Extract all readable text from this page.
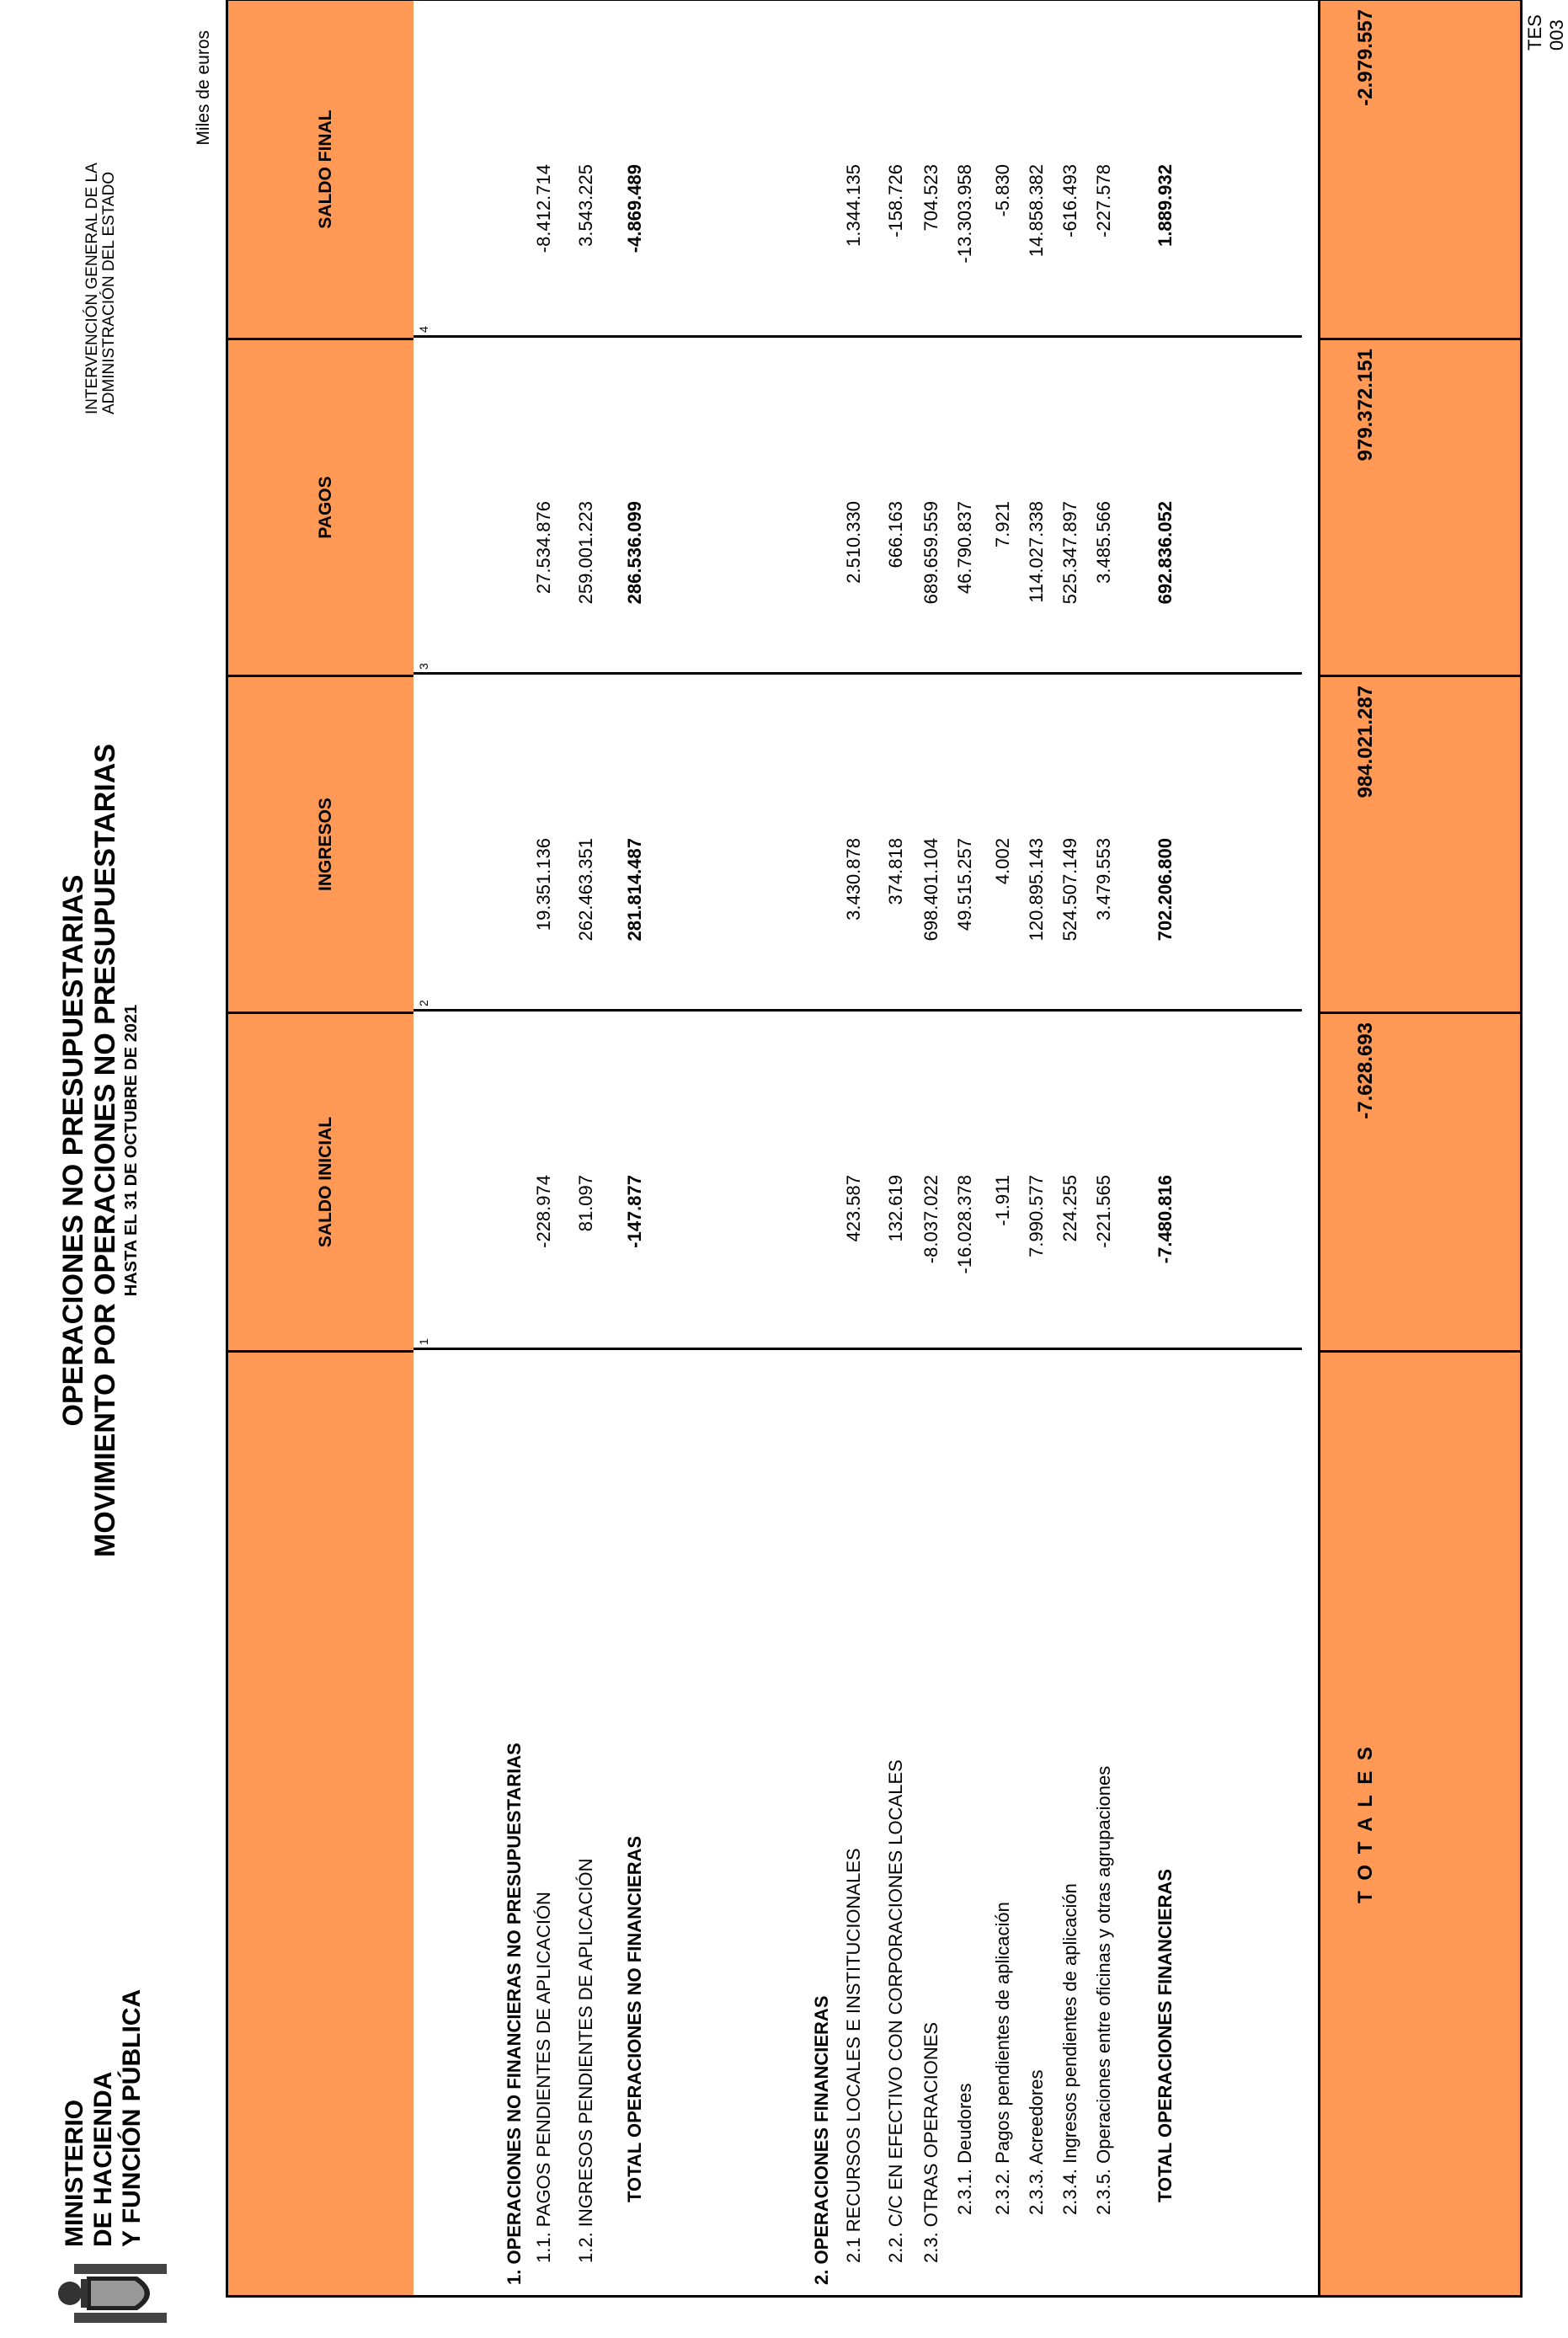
MINISTERIO DE HACIENDA Y FUNCIÓN PÚBLICA
OPERACIONES NO PRESUPUESTARIAS MOVIMIENTO POR OPERACIONES NO PRESUPUESTARIAS HASTA EL 31 DE OCTUBRE DE 2021
INTERVENCIÓN GENERAL DE LA ADMINISTRACIÓN DEL ESTADO
Miles de euros
SALDO INICIAL
INGRESOS
PAGOS
SALDO FINAL
1
2
3
4
1. OPERACIONES NO FINANCIERAS NO PRESUPUESTARIAS 1.1. PAGOS PENDIENTES DE APLICACIÓN
-228.974
19.351.136
27.534.876
-8.412.714
1.2. INGRESOS PENDIENTES DE APLICACIÓN
81.097
262.463.351
259.001.223
3.543.225
TOTAL OPERACIONES NO FINANCIERAS
-147.877
281.814.487
286.536.099
-4.869.489
2. OPERACIONES FINANCIERAS 2.1 RECURSOS LOCALES E INSTITUCIONALES
423.587
3.430.878
2.510.330
1.344.135
2.2. C/C EN EFECTIVO CON CORPORACIONES LOCALES
132.619
374.818
666.163
-158.726
2.3. OTRAS OPERACIONES
-8.037.022
698.401.104
689.659.559
704.523
2.3.1. Deudores
-16.028.378
49.515.257
46.790.837
-13.303.958
2.3.2. Pagos pendientes de aplicación
-1.911
4.002
7.921
-5.830
2.3.3. Acreedores
7.990.577
120.895.143
114.027.338
14.858.382
2.3.4. Ingresos pendientes de aplicación
224.255
524.507.149
525.347.897
-616.493
2.3.5. Operaciones entre oficinas y otras agrupaciones
-221.565
3.479.553
3.485.566
-227.578
TOTAL OPERACIONES FINANCIERAS
-7.480.816
702.206.800
692.836.052
1.889.932
T O T A L E S
-7.628.693
984.021.287
979.372.151
-2.979.557	TES 003
